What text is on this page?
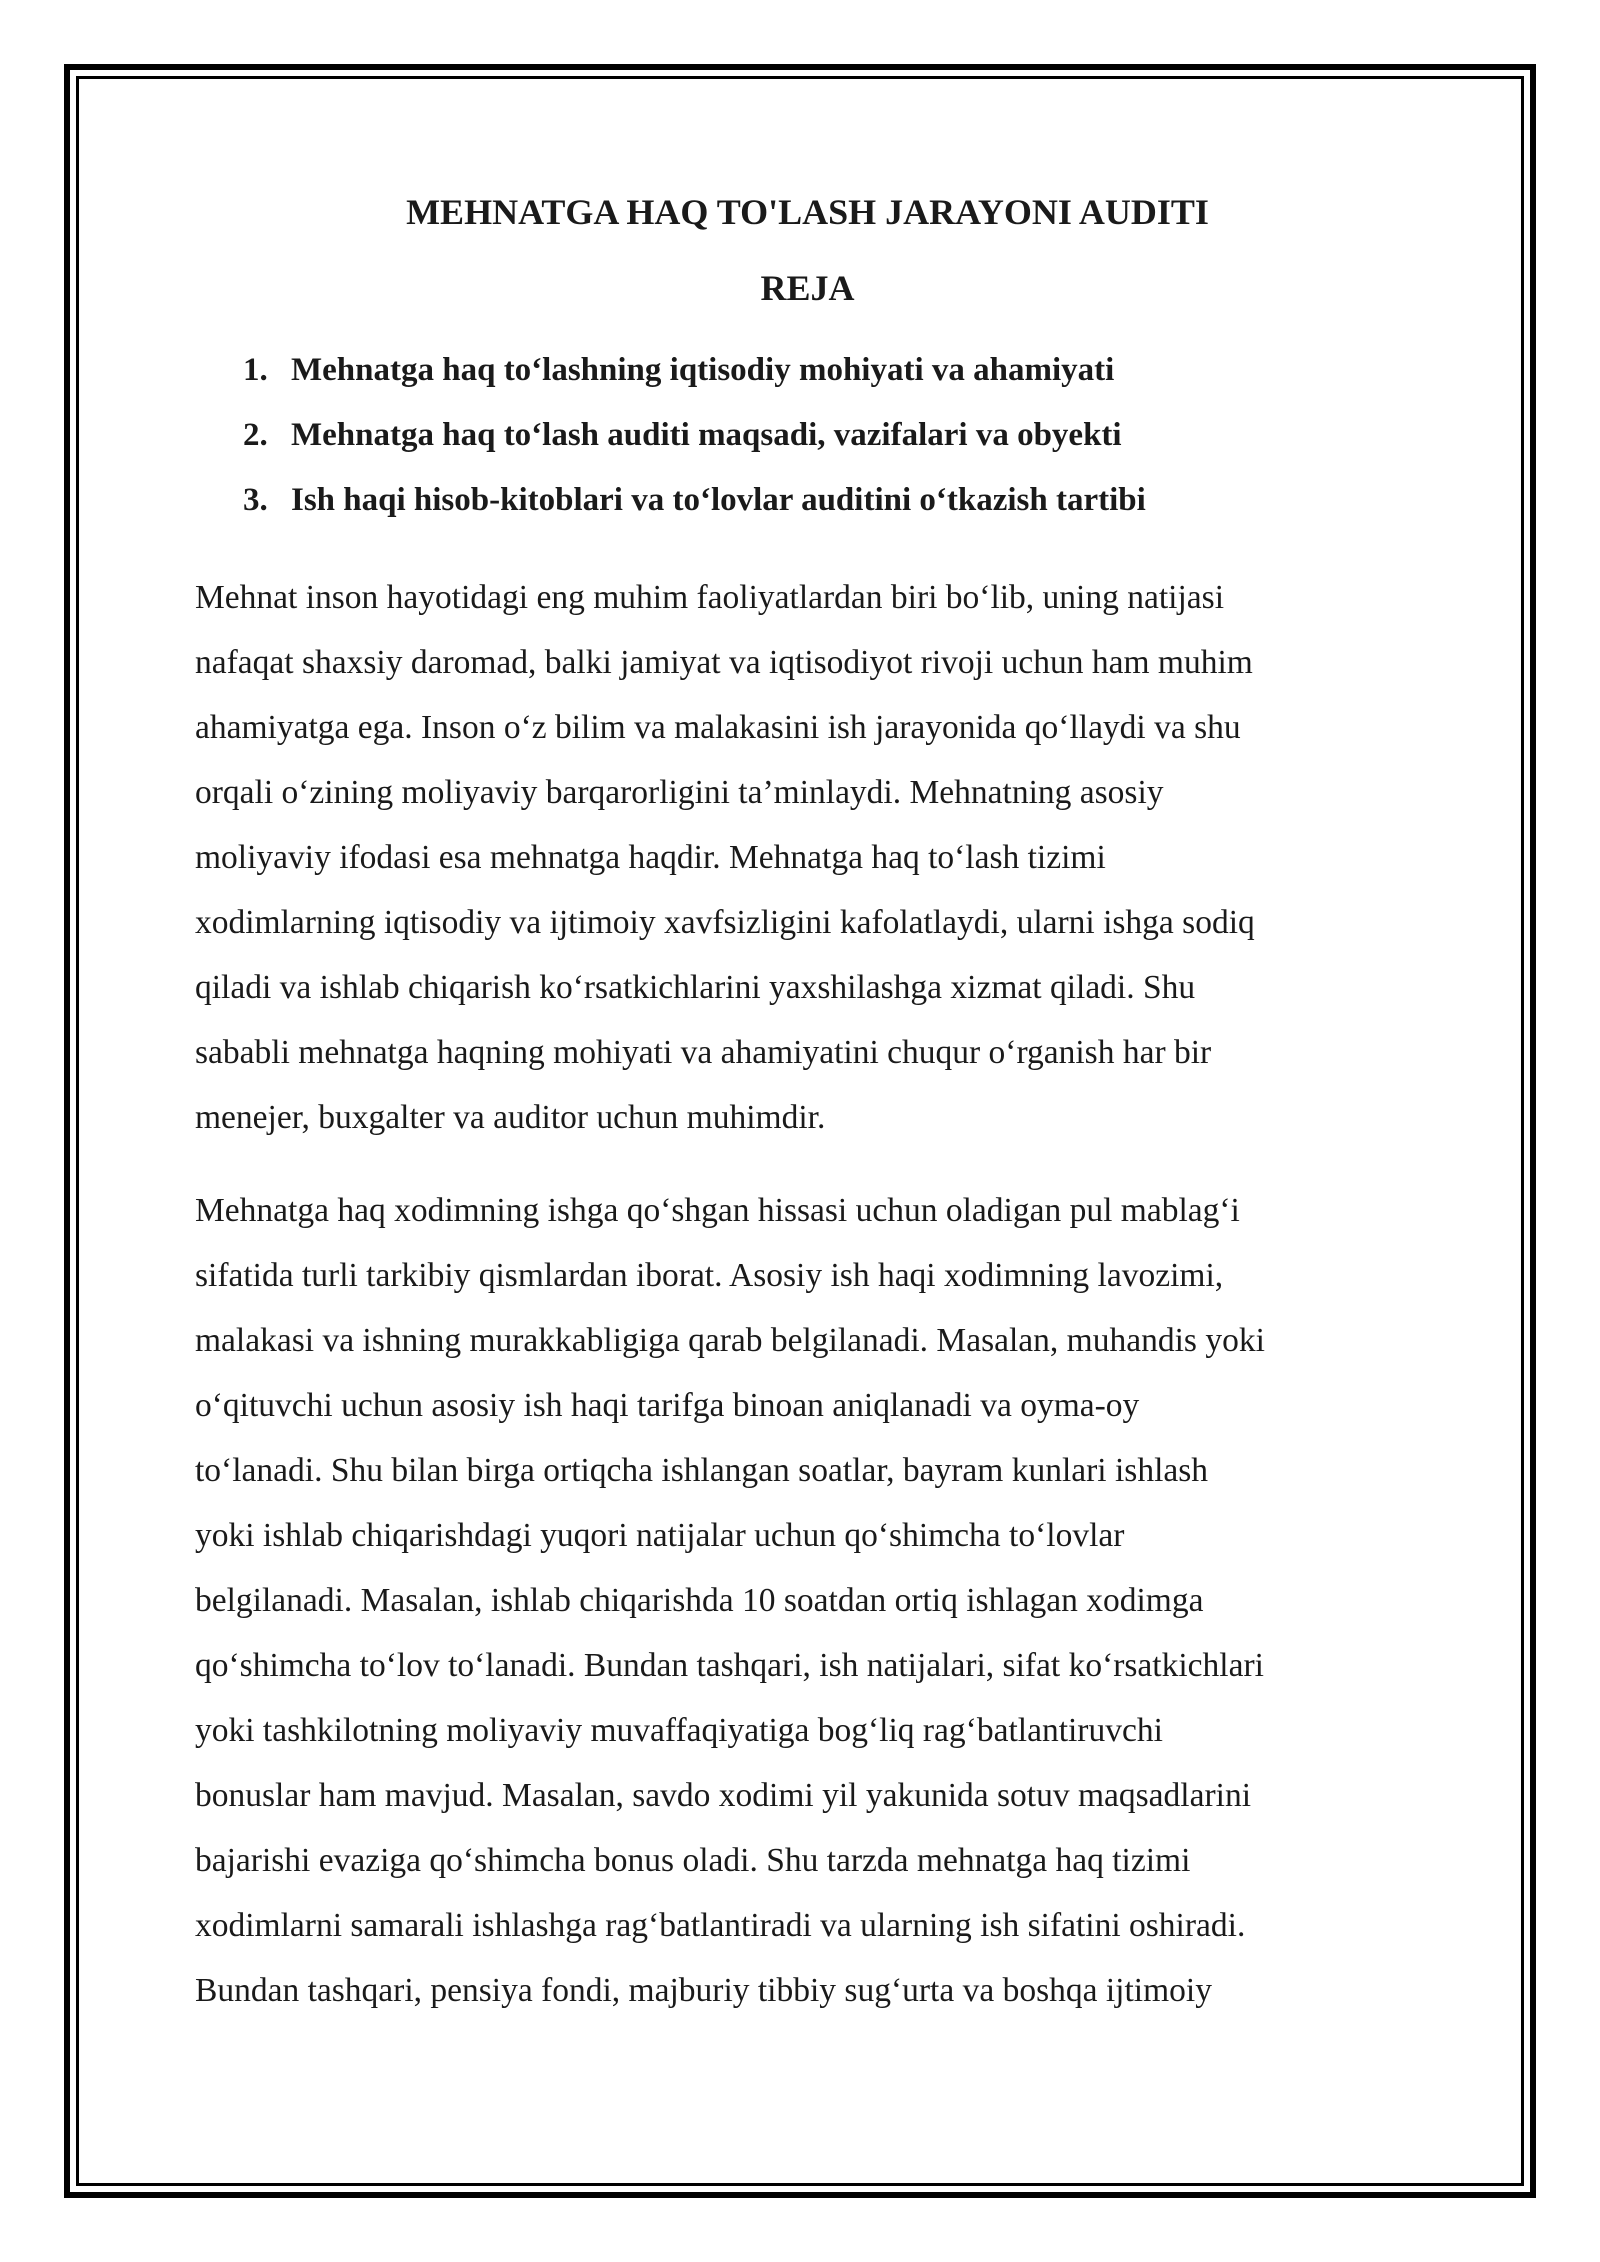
MEHNATGA HAQ TO'LASH JARAYONI AUDITI
REJA
1. Mehnatga haq to‘lashning iqtisodiy mohiyati va ahamiyati
2. Mehnatga haq to‘lash auditi maqsadi, vazifalari va obyekti
3. Ish haqi hisob-kitoblari va to‘lovlar auditini o‘tkazish tartibi

Mehnat inson hayotidagi eng muhim faoliyatlardan biri bo‘lib, uning natijasi
nafaqat shaxsiy daromad, balki jamiyat va iqtisodiyot rivoji uchun ham muhim
ahamiyatga ega. Inson o‘z bilim va malakasini ish jarayonida qo‘llaydi va shu
orqali o‘zining moliyaviy barqarorligini ta’minlaydi. Mehnatning asosiy
moliyaviy ifodasi esa mehnatga haqdir. Mehnatga haq to‘lash tizimi
xodimlarning iqtisodiy va ijtimoiy xavfsizligini kafolatlaydi, ularni ishga sodiq
qiladi va ishlab chiqarish ko‘rsatkichlarini yaxshilashga xizmat qiladi. Shu
sababli mehnatga haqning mohiyati va ahamiyatini chuqur o‘rganish har bir
menejer, buxgalter va auditor uchun muhimdir.

Mehnatga haq xodimning ishga qo‘shgan hissasi uchun oladigan pul mablag‘i
sifatida turli tarkibiy qismlardan iborat. Asosiy ish haqi xodimning lavozimi,
malakasi va ishning murakkabligiga qarab belgilanadi. Masalan, muhandis yoki
o‘qituvchi uchun asosiy ish haqi tarifga binoan aniqlanadi va oyma-oy
to‘lanadi. Shu bilan birga ortiqcha ishlangan soatlar, bayram kunlari ishlash
yoki ishlab chiqarishdagi yuqori natijalar uchun qo‘shimcha to‘lovlar
belgilanadi. Masalan, ishlab chiqarishda 10 soatdan ortiq ishlagan xodimga
qo‘shimcha to‘lov to‘lanadi. Bundan tashqari, ish natijalari, sifat ko‘rsatkichlari
yoki tashkilotning moliyaviy muvaffaqiyatiga bog‘liq rag‘batlantiruvchi
bonuslar ham mavjud. Masalan, savdo xodimi yil yakunida sotuv maqsadlarini
bajarishi evaziga qo‘shimcha bonus oladi. Shu tarzda mehnatga haq tizimi
xodimlarni samarali ishlashga rag‘batlantiradi va ularning ish sifatini oshiradi.
Bundan tashqari, pensiya fondi, majburiy tibbiy sug‘urta va boshqa ijtimoiy
